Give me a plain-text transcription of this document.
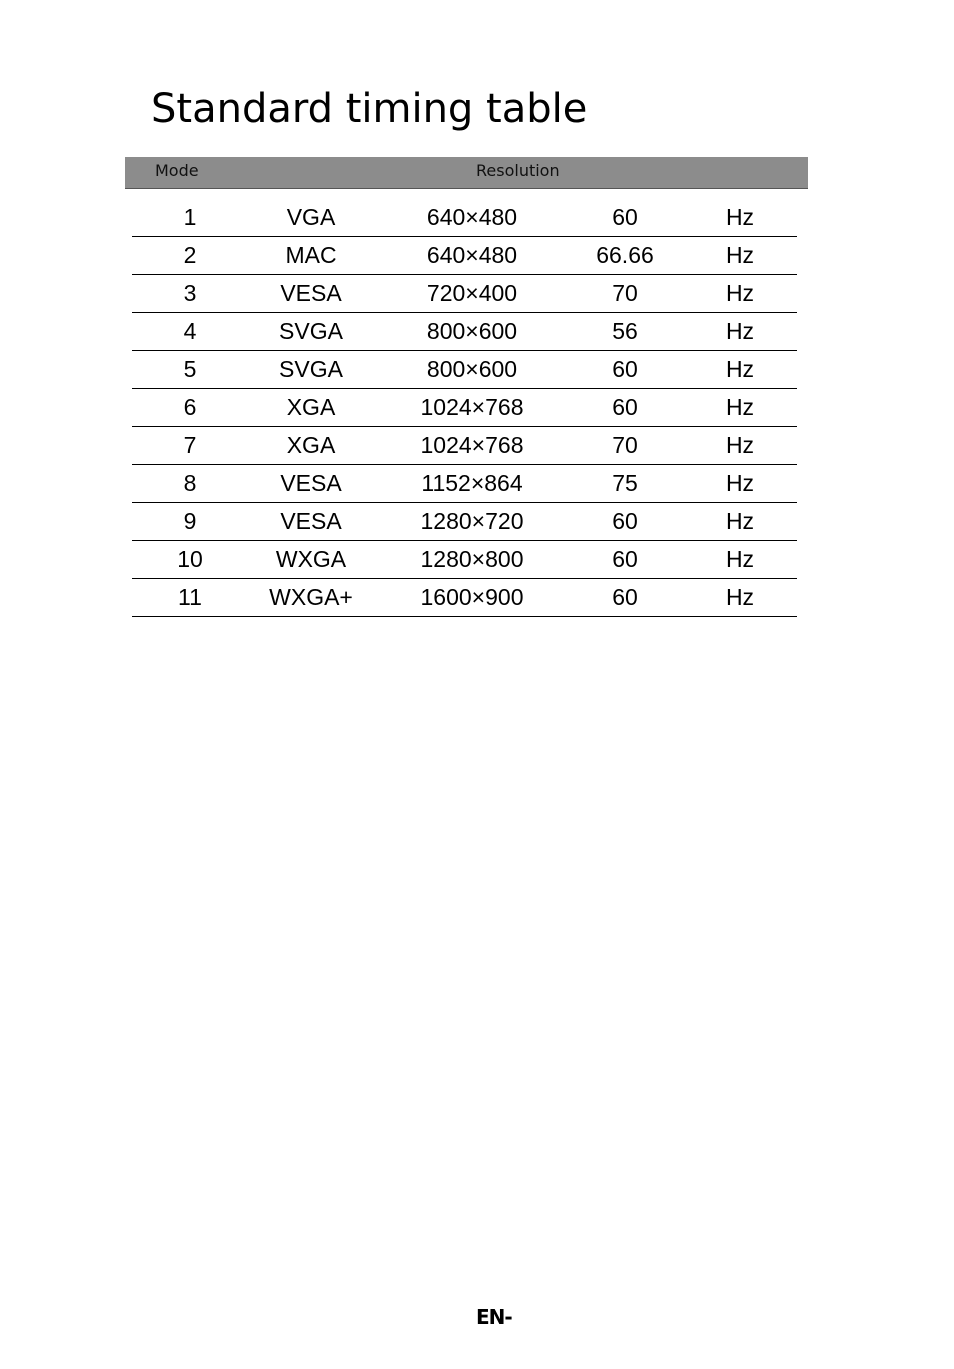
Standard timing table
Mode	Resolution
1	VGA	640×480	60	Hz
2	MAC	640×480	66.66	Hz
3	VESA	720×400	70	Hz
4	SVGA	800×600	56	Hz
5	SVGA	800×600	60	Hz
6	XGA	1024×768	60	Hz
7	XGA	1024×768	70	Hz
8	VESA	1152×864	75	Hz
9	VESA	1280×720	60	Hz
10	WXGA	1280×800	60	Hz
11	WXGA+	1600×900	60	Hz
EN-
